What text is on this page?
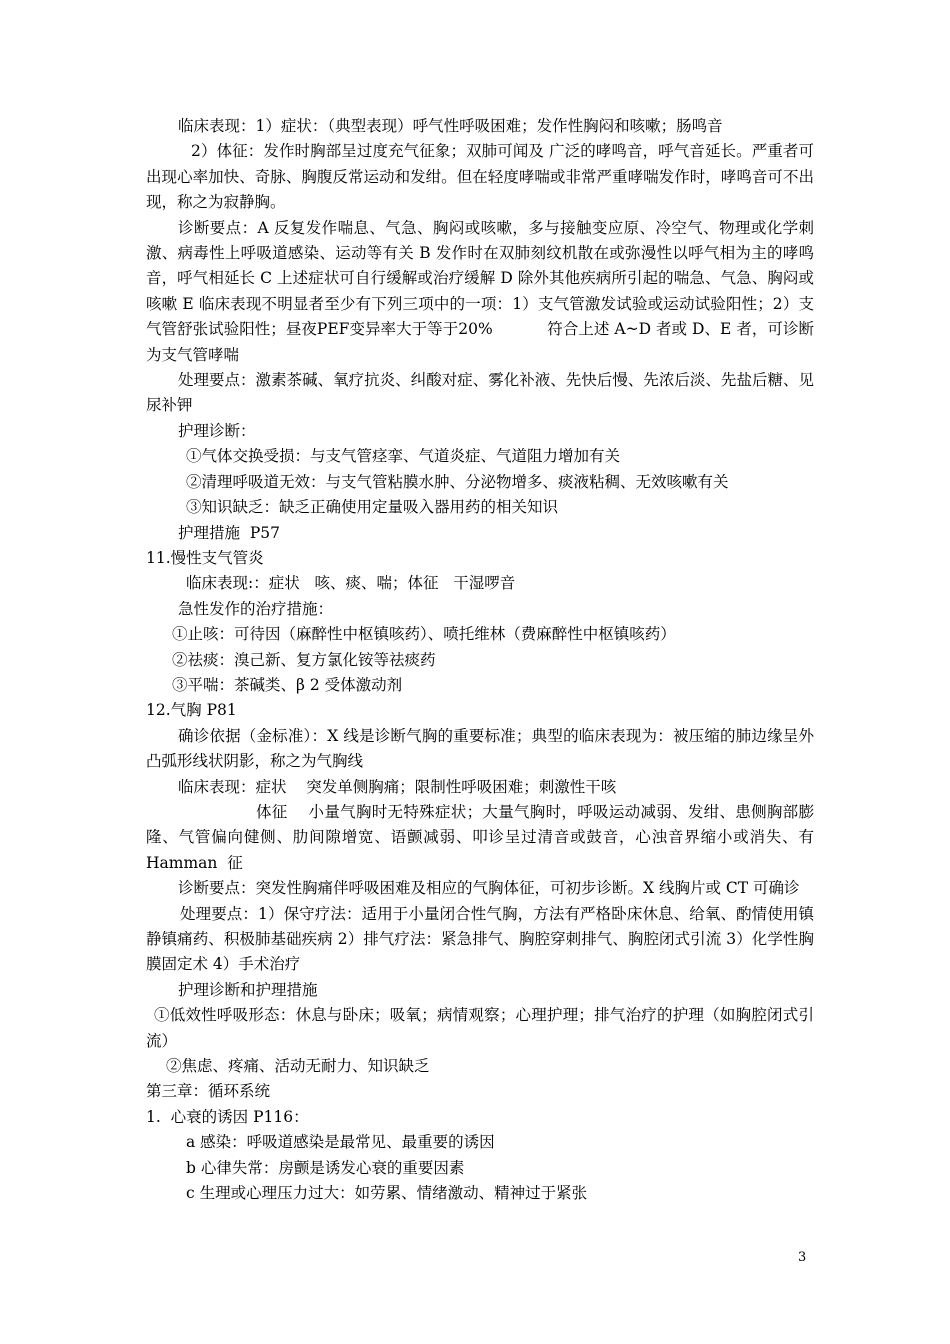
临床表现：1）症状：（典型表现）呼气性呼吸困难；发作性胸闷和咳嗽；肠鸣音

2）体征：发作时胸部呈过度充气征象；双肺可闻及 广泛的哮鸣音，呼气音延长。严重者可出现心率加快、奇脉、胸腹反常运动和发绀。但在轻度哮喘或非常严重哮喘发作时，哮鸣音可不出现，称之为寂静胸。

诊断要点：A 反复发作喘息、气急、胸闷或咳嗽，多与接触变应原、冷空气、物理或化学刺激、病毒性上呼吸道感染、运动等有关 B 发作时在双肺刻纹机散在或弥漫性以呼气相为主的哮鸣音，呼气相延长 C 上述症状可自行缓解或治疗缓解 D 除外其他疾病所引起的喘急、气急、胸闷或咳嗽 E 临床表现不明显者至少有下列三项中的一项：1）支气管激发试验或运动试验阳性；2）支气管舒张试验阳性；昼夜PEF变异率大于等于20%           符合上述 A~D 者或 D、E 者，可诊断为支气管哮喘

处理要点：激素茶碱、氧疗抗炎、纠酸对症、雾化补液、先快后慢、先浓后淡、先盐后糖、见尿补钾

护理诊断：

①气体交换受损：与支气管痉挛、气道炎症、气道阻力增加有关

②清理呼吸道无效：与支气管粘膜水肿、分泌物增多、痰液粘稠、无效咳嗽有关

③知识缺乏：缺乏正确使用定量吸入器用药的相关知识

护理措施  P57

11.慢性支气管炎

临床表现:：症状   咳、痰、喘；体征   干湿啰音

急性发作的治疗措施：

①止咳：可待因（麻醉性中枢镇咳药）、喷托维林（费麻醉性中枢镇咳药）

②祛痰：溴己新、复方氯化铵等祛痰药

③平喘：茶碱类、β 2 受体激动剂

12.气胸 P81

确诊依据（金标准）：X 线是诊断气胸的重要标准；典型的临床表现为：被压缩的肺边缘呈外凸弧形线状阴影，称之为气胸线

临床表现：症状    突发单侧胸痛；限制性呼吸困难；刺激性干咳

体征    小量气胸时无特殊症状；大量气胸时，呼吸运动减弱、发绀、患侧胸部膨隆、气管偏向健侧、肋间隙增宽、语颤减弱、叩诊呈过清音或鼓音，心浊音界缩小或消失、有 Hamman  征

诊断要点：突发性胸痛伴呼吸困难及相应的气胸体征，可初步诊断。X 线胸片或 CT 可确诊

处理要点：1）保守疗法：适用于小量闭合性气胸，方法有严格卧床休息、给氧、酌情使用镇静镇痛药、积极肺基础疾病 2）排气疗法：紧急排气、胸腔穿刺排气、胸腔闭式引流 3）化学性胸膜固定术 4）手术治疗

护理诊断和护理措施

①低效性呼吸形态：休息与卧床；吸氧；病情观察；心理护理；排气治疗的护理（如胸腔闭式引流）

②焦虑、疼痛、活动无耐力、知识缺乏

第三章：循环系统

1.  心衰的诱因 P116：

a 感染：呼吸道感染是最常见、最重要的诱因

b 心律失常：房颤是诱发心衰的重要因素

c 生理或心理压力过大：如劳累、情绪激动、精神过于紧张

3
